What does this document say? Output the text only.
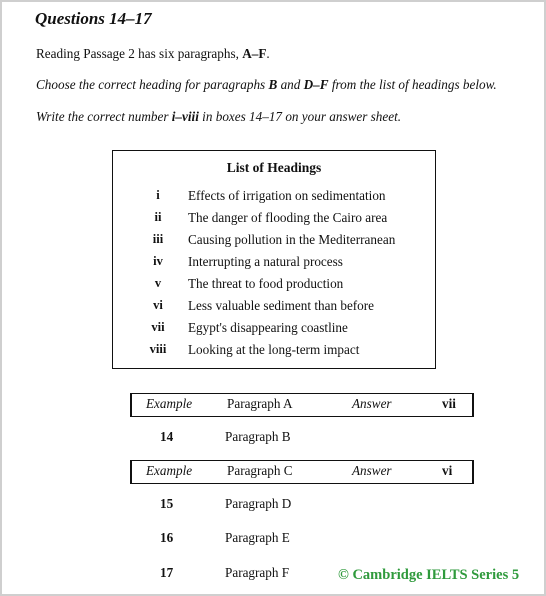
Questions 14–17
Reading Passage 2 has six paragraphs, A–F.
Choose the correct heading for paragraphs B and D–F from the list of headings below.
Write the correct number i–viii in boxes 14–17 on your answer sheet.
List of Headings
i	Effects of irrigation on sedimentation
ii	The danger of flooding the Cairo area
iii	Causing pollution in the Mediterranean
iv	Interrupting a natural process
v	The threat to food production
vi	Less valuable sediment than before
vii	Egypt's disappearing coastline
viii	Looking at the long-term impact
Example	Paragraph A	Answer	vii
14	Paragraph B
Example	Paragraph C	Answer	vi
15	Paragraph D
16	Paragraph E
17	Paragraph F	© Cambridge IELTS Series 5
